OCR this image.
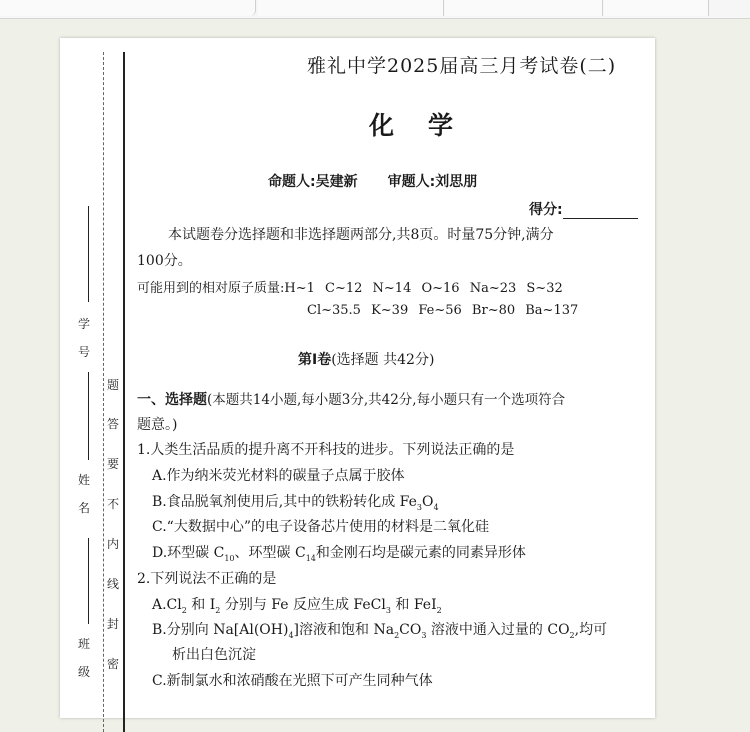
题
答
要
不
内
线
封
密
学号
姓名
班级
雅礼中学2025届高三月考试卷(二)
化学
命题人:吴建新 审题人:刘思朋
得分:
本试题卷分选择题和非选择题两部分,共8页。时量75分钟,满分
100分。
可能用到的相对原子质量:H~1 C~12 N~14 O~16 Na~23 S~32
Cl~35.5 K~39 Fe~56 Br~80 Ba~137
第Ⅰ卷(选择题 共42分)
一、选择题(本题共14小题,每小题3分,共42分,每小题只有一个选项符合
题意。)
1.人类生活品质的提升离不开科技的进步。下列说法正确的是
A.作为纳米荧光材料的碳量子点属于胶体
B.食品脱氧剂使用后,其中的铁粉转化成 $Fe_3O_4$
C.“大数据中心”的电子设备芯片使用的材料是二氧化硅
D.环型碳 $C_{10}$、环型碳 $C_{14}$和金刚石均是碳元素的同素异形体
2.下列说法不正确的是
$A.Cl_2$ 和 $I_2$ 分别与 Fe 反应生成 FeCl$_3$ 和 FeI$_2$
B.分别向 $Na[Al(OH)_4]$溶液和饱和 $Na_2CO_3$ 溶液中通入过量的 $CO_2$,均可
析出白色沉淀
C.新制氯水和浓硝酸在光照下可产生同种气体
